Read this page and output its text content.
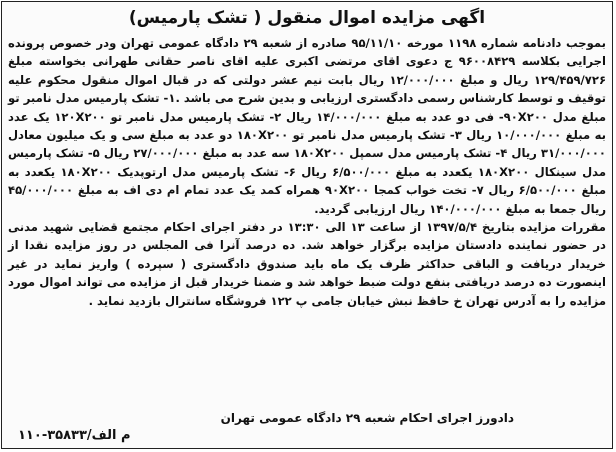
اگهی مزایده اموال منقول ( تشک پارمیس)

بموجب دادنامه شماره ۱۱۹۸ مورخه ۹۵/۱۱/۱۰ صادره از شعبه ۲۹ دادگاه عمومی تهران ودر خصوص پرونده اجرایی بکلاسه ۹۶۰۰۸۴۲۹ ج دعوی اقای مرتضی اکبری علیه اقای ناصر حقانی طهرانی بخواسته مبلغ ۱۲۹/۴۵۹/۷۲۶ ریال و مبلغ ۱۲/۰۰۰/۰۰۰ ریال بابت نیم عشر دولتی که در قبال اموال منقول محکوم علیه توقیف و توسط کارشناس رسمی دادگستری ارزیابی و بدین شرح می باشد .۱- تشک پارمیس مدل نامبر تو مبلغ مدل ۹۰X۲۰۰- فی دو عدد به مبلغ ۱۴/۰۰۰/۰۰۰ ریال ۲- تشک پارمیس مدل نامبر تو ۱۲۰X۲۰۰ یک عدد به مبلغ ۱۰/۰۰۰/۰۰۰ ریال ۳- تشک پارمیس مدل نامبر تو ۱۸۰X۲۰۰ دو عدد به مبلغ سی و یک میلیون معادل ۳۱/۰۰۰/۰۰۰ ریال ۴- تشک پارمیس مدل سمپل ۱۸۰X۲۰۰ سه عدد به مبلغ ۲۷/۰۰۰/۰۰۰ ریال ۵- تشک پارمیس مدل سینکال ۱۸۰X۲۰۰ یکعدد به مبلغ ۶/۵۰۰/۰۰۰ ریال ۶- تشک پارمیس مدل ارتوپدیک ۱۸۰X۲۰۰ یکعدد به مبلغ ۶/۵۰۰/۰۰۰ ریال ۷- تخت خواب کمجا ۹۰X۲۰۰ همراه کمد یک عدد تمام ام دی اف به مبلغ ۴۵/۰۰۰/۰۰۰ ریال جمعا به مبلغ ۱۴۰/۰۰۰/۰۰۰ ریال ارزیابی گردید.

مقررات مزایده بتاریخ ۱۳۹۷/۵/۴ از ساعت ۱۳ الی ۱۳:۳۰ در دفتر اجرای احکام مجتمع قضایی شهید مدنی در حضور نماینده دادستان مزایده برگزار خواهد شد. ده درصد آنرا فی المجلس در روز مزایده نقدا از خریدار دریافت و الباقی حداکثر ظرف یک ماه باید صندوق دادگستری ( سپرده ) واریز نماید در غیر اینصورت ده درصد دریافتی بنفع دولت ضبط خواهد شد و ضمنا خریدار قبل از مزایده می تواند اموال مورد مزایده را به آدرس تهران خ حافظ نبش خیابان جامی پ ۱۲۲ فروشگاه سانترال بازدید نماید .

دادورز اجرای احکام شعبه ۲۹ دادگاه عمومی تهران
م الف/۳۵۸۳۳-۱۱۰
